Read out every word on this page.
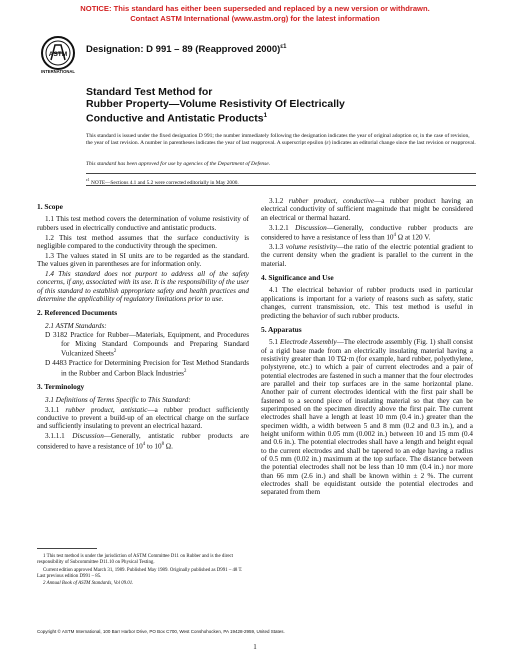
NOTICE: This standard has either been superseded and replaced by a new version or withdrawn.
Contact ASTM International (www.astm.org) for the latest information
ASTM
INTERNATIONAL
Designation: D 991 – 89 (Reapproved 2000)$^{\varepsilon 1}$
Standard Test Method for
Rubber Property—Volume Resistivity Of Electrically
Conductive and Antistatic Products$^1$
This standard is issued under the fixed designation D 991; the number immediately following the designation indicates the year of original adoption or, in the case of revision, the year of last revision. A number in parentheses indicates the year of last reapproval. A superscript epsilon (ε) indicates an editorial change since the last revision or reapproval.
This standard has been approved for use by agencies of the Department of Defense.
$^{\varepsilon 1}$ NOTE—Sections 4.1 and 5.2 were corrected editorially in May 2000.
1. Scope

1.1 This test method covers the determination of volume resistivity of rubbers used in electrically conductive and antistatic products.

1.2 This test method assumes that the surface conductivity is negligible compared to the conductivity through the specimen.

1.3 The values stated in SI units are to be regarded as the standard. The values given in parentheses are for information only.

1.4 This standard does not purport to address all of the safety concerns, if any, associated with its use. It is the responsibility of the user of this standard to establish appropriate safety and health practices and determine the applicability of regulatory limitations prior to use.

2. Referenced Documents

2.1 ASTM Standards:

D 3182 Practice for Rubber—Materials, Equipment, and Procedures for Mixing Standard Compounds and Preparing Standard Vulcanized Sheets$^2$

D 4483 Practice for Determining Precision for Test Method Standards in the Rubber and Carbon Black Industries$^2$

3. Terminology

3.1 Definitions of Terms Specific to This Standard:

3.1.1 rubber product, antistatic—a rubber product sufficiently conductive to prevent a build-up of an electrical charge on the surface and sufficiently insulating to prevent an electrical hazard.

3.1.1.1 Discussion—Generally, antistatic rubber products are considered to have a resistance of $10^4$ to $10^8$ Ω.

1 This test method is under the jurisdiction of ASTM Committee D11 on Rubber and is the direct responsibility of Subcommittee D11.10 on Physical Testing.

Current edition approved March 31, 1989. Published May 1989. Originally published as D991 – 48 T. Last previous edition D991 – 85.

2 Annual Book of ASTM Standards, Vol 09.01.

3.1.2 rubber product, conductive—a rubber product having an electrical conductivity of sufficient magnitude that might be considered an electrical or thermal hazard.

3.1.2.1 Discussion—Generally, conductive rubber products are considered to have a resistance of less than $10^4$ Ω at 120 V.

3.1.3 volume resistivity—the ratio of the electric potential gradient to the current density when the gradient is parallel to the current in the material.

4. Significance and Use

4.1 The electrical behavior of rubber products used in particular applications is important for a variety of reasons such as safety, static changes, current transmission, etc. This test method is useful in predicting the behavior of such rubber products.

5. Apparatus

5.1 Electrode Assembly—The electrode assembly (Fig. 1) shall consist of a rigid base made from an electrically insulating material having a resistivity greater than 10 TΩ·m (for example, hard rubber, polyethylene, polystyrene, etc.) to which a pair of current electrodes and a pair of potential electrodes are fastened in such a manner that the four electrodes are parallel and their top surfaces are in the same horizontal plane. Another pair of current electrodes identical with the first pair shall be fastened to a second piece of insulating material so that they can be superimposed on the specimen directly above the first pair. The current electrodes shall have a length at least 10 mm (0.4 in.) greater than the specimen width, a width between 5 and 8 mm (0.2 and 0.3 in.), and a height uniform within 0.05 mm (0.002 in.) between 10 and 15 mm (0.4 and 0.6 in.). The potential electrodes shall have a length and height equal to the current electrodes and shall be tapered to an edge having a radius of 0.5 mm (0.02 in.) maximum at the top surface. The distance between the potential electrodes shall not be less than 10 mm (0.4 in.) nor more than 66 mm (2.6 in.) and shall be known within ± 2 %. The current electrodes shall be equidistant outside the potential electrodes and separated from them

Copyright © ASTM International, 100 Barr Harbor Drive, PO Box C700, West Conshohocken, PA 19428-2959, United States.
1
